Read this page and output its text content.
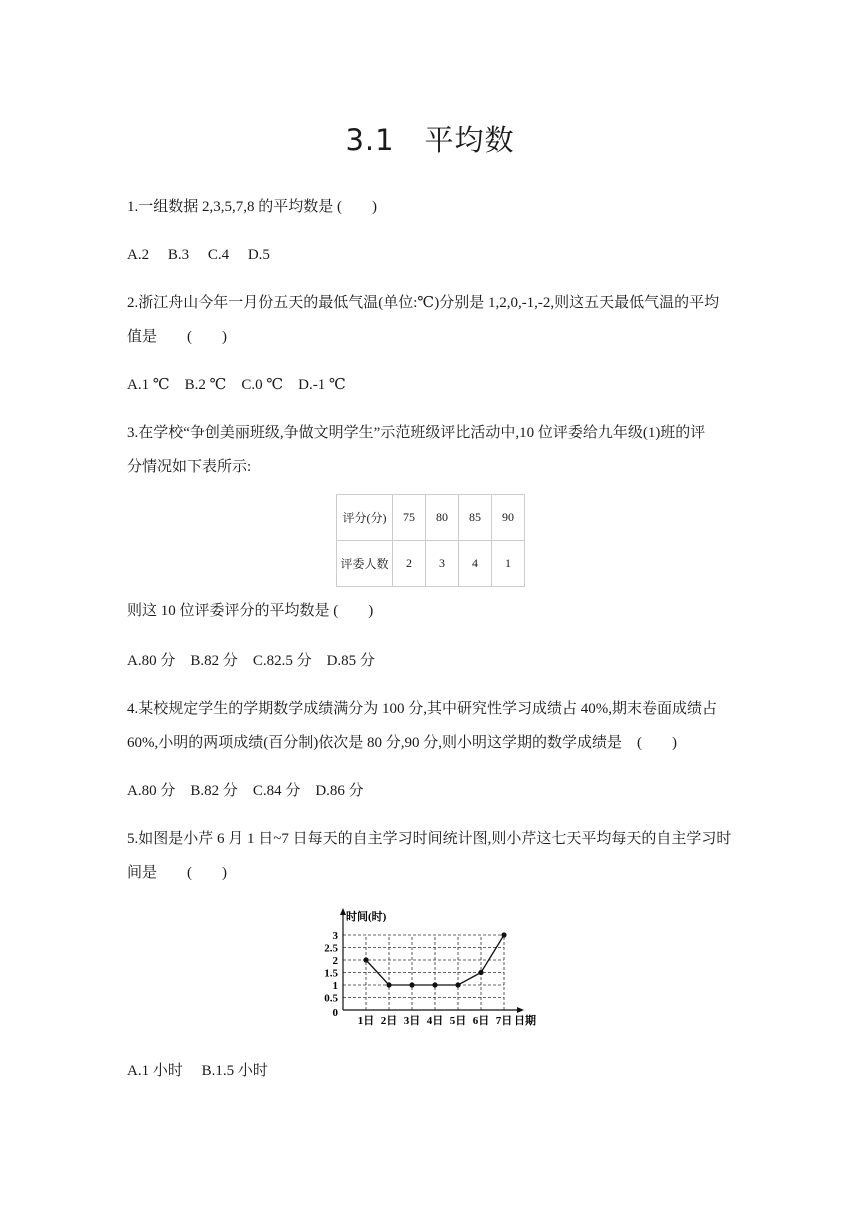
3.1　平均数
1.一组数据 2,3,5,7,8 的平均数是 (　　)
A.2　 B.3　 C.4　 D.5
2.浙江舟山今年一月份五天的最低气温(单位:℃)分别是 1,2,0,-1,-2,则这五天最低气温的平均
值是　　(　　)
A.1 ℃　B.2 ℃　C.0 ℃　D.-1 ℃
3.在学校“争创美丽班级,争做文明学生”示范班级评比活动中,10 位评委给九年级(1)班的评
分情况如下表所示:
评分(分)	75	80	85	90
评委人数	2	3	4	1
则这 10 位评委评分的平均数是 (　　)
A.80 分　B.82 分　C.82.5 分　D.85 分
4.某校规定学生的学期数学成绩满分为 100 分,其中研究性学习成绩占 40%,期末卷面成绩占
60%,小明的两项成绩(百分制)依次是 80 分,90 分,则小明这学期的数学成绩是　(　　)
A.80 分　B.82 分　C.84 分　D.86 分
5.如图是小芹 6 月 1 日~7 日每天的自主学习时间统计图,则小芹这七天平均每天的自主学习时
间是　　(　　)
时间(时)
日期
0
0.5
1
1.5
2
2.5
3
1日 2日 3日 4日 5日 6日 7日
A.1 小时　 B.1.5 小时
